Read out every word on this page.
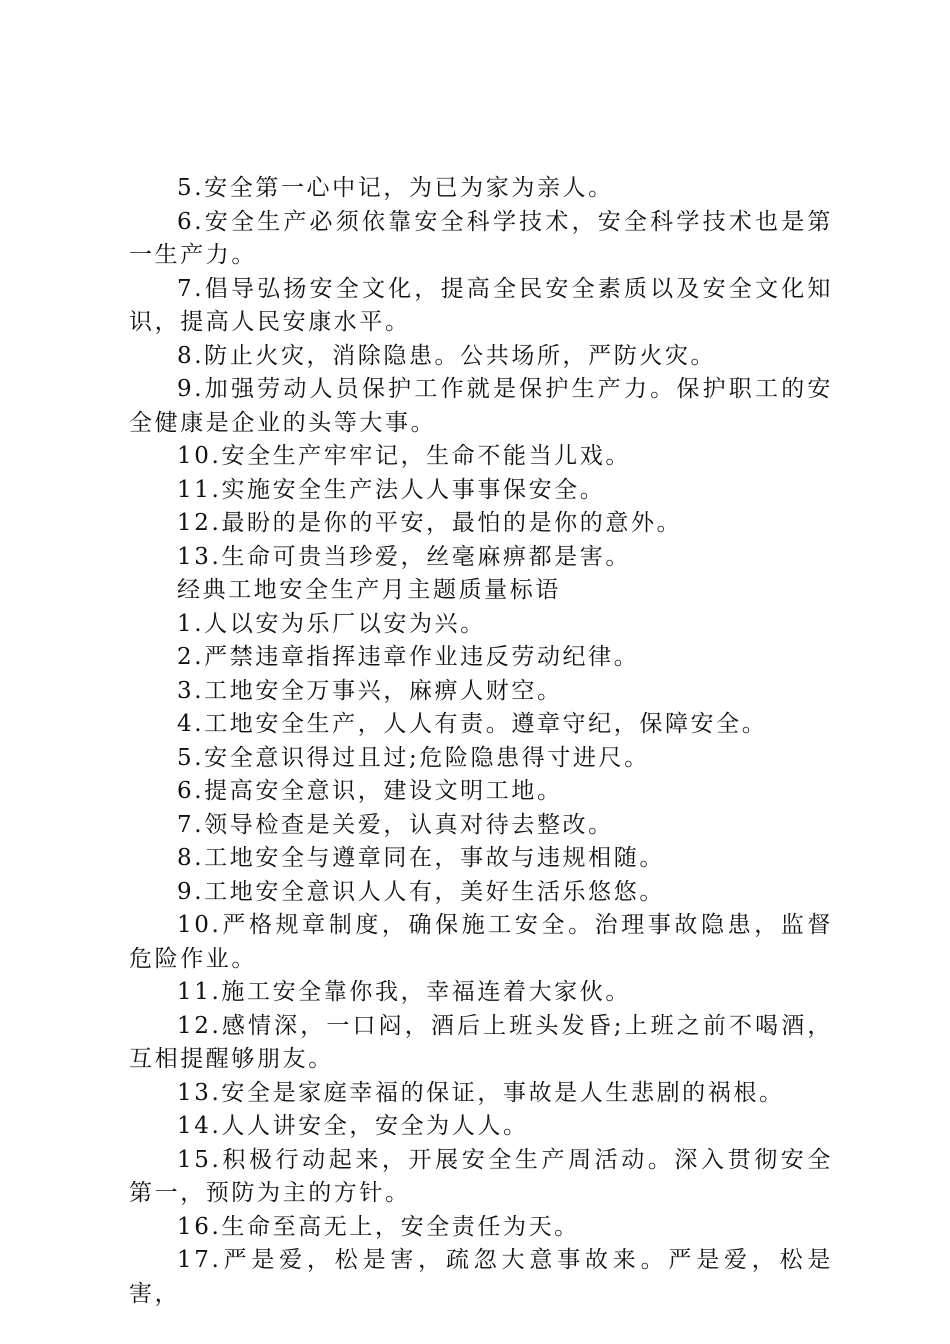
5.安全第一心中记，为已为家为亲人。

6.安全生产必须依靠安全科学技术，安全科学技术也是第一生产力。

7.倡导弘扬安全文化，提高全民安全素质以及安全文化知识，提高人民安康水平。

8.防止火灾，消除隐患。公共场所，严防火灾。

9.加强劳动人员保护工作就是保护生产力。保护职工的安全健康是企业的头等大事。

10.安全生产牢牢记，生命不能当儿戏。

11.实施安全生产法人人事事保安全。

12.最盼的是你的平安，最怕的是你的意外。

13.生命可贵当珍爱，丝毫麻痹都是害。

经典工地安全生产月主题质量标语

1.人以安为乐厂以安为兴。

2.严禁违章指挥违章作业违反劳动纪律。

3.工地安全万事兴，麻痹人财空。

4.工地安全生产，人人有责。遵章守纪，保障安全。

5.安全意识得过且过;危险隐患得寸进尺。

6.提高安全意识，建设文明工地。

7.领导检查是关爱，认真对待去整改。

8.工地安全与遵章同在，事故与违规相随。

9.工地安全意识人人有，美好生活乐悠悠。

10.严格规章制度，确保施工安全。治理事故隐患，监督危险作业。

11.施工安全靠你我，幸福连着大家伙。

12.感情深，一口闷，酒后上班头发昏;上班之前不喝酒，互相提醒够朋友。

13.安全是家庭幸福的保证，事故是人生悲剧的祸根。

14.人人讲安全，安全为人人。

15.积极行动起来，开展安全生产周活动。深入贯彻安全第一，预防为主的方针。

16.生命至高无上，安全责任为天。

17.严是爱，松是害，疏忽大意事故来。严是爱，松是害，
